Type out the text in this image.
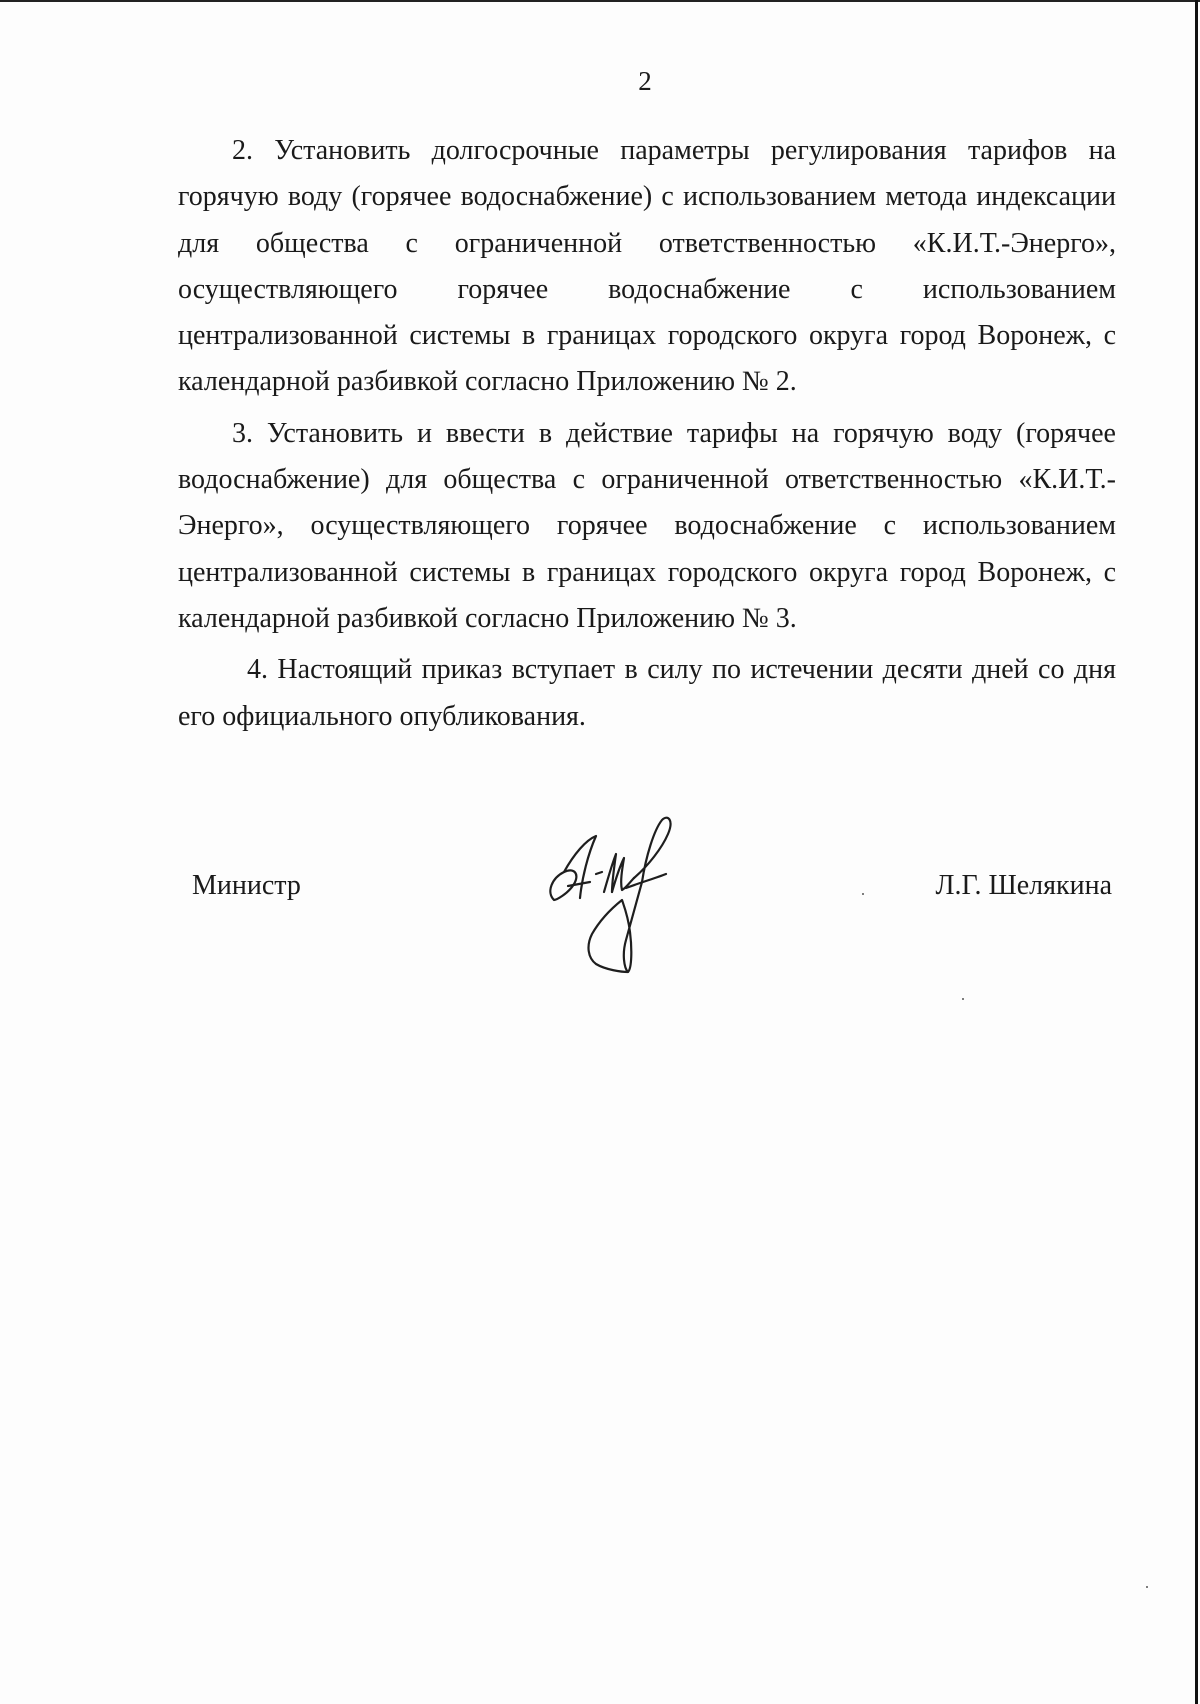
2

2. Установить долгосрочные параметры регулирования тарифов на горячую воду (горячее водоснабжение) с использованием метода индексации для общества с ограниченной ответственностью «К.И.Т.-Энерго», осуществляющего горячее водоснабжение с использованием централизованной системы в границах городского округа город Воронеж, с календарной разбивкой согласно Приложению № 2.

3. Установить и ввести в действие тарифы на горячую воду (горячее водоснабжение) для общества с ограниченной ответственностью «К.И.Т.-Энерго», осуществляющего горячее водоснабжение с использованием централизованной системы в границах городского округа город Воронеж, с календарной разбивкой согласно Приложению № 3.

4. Настоящий приказ вступает в силу по истечении десяти дней со дня его официального опубликования.

Министр	Л.Г. Шелякина
